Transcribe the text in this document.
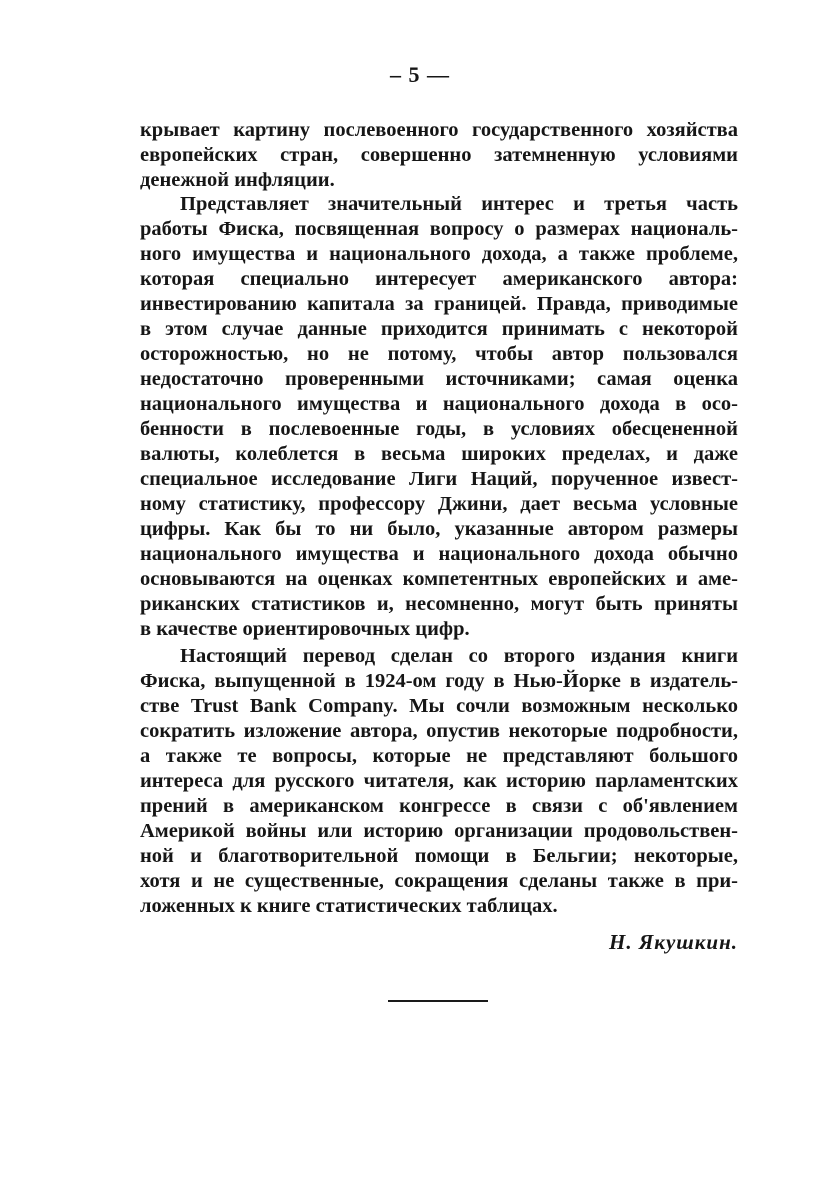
– 5 —
крывает картину послевоенного государственного хозяйства
европейских стран, совершенно затемненную условиями
денежной инфляции.
Представляет значительный интерес и третья часть
работы Фиска, посвященная вопросу о размерах националь-
ного имущества и национального дохода, а также проблеме,
которая специально интересует американского автора:
инвестированию капитала за границей. Правда, приводимые
в этом случае данные приходится принимать с некоторой
осторожностью, но не потому, чтобы автор пользовался
недостаточно проверенными источниками; самая оценка
национального имущества и национального дохода в осо-
бенности в послевоенные годы, в условиях обесцененной
валюты, колеблется в весьма широких пределах, и даже
специальное исследование Лиги Наций, порученное извест-
ному статистику, профессору Джини, дает весьма условные
цифры. Как бы то ни было, указанные автором размеры
национального имущества и национального дохода обычно
основываются на оценках компетентных европейских и аме-
риканских статистиков и, несомненно, могут быть приняты
в качестве ориентировочных цифр.
Настоящий перевод сделан со второго издания книги
Фиска, выпущенной в 1924-ом году в Нью-Йорке в издатель-
стве Trust Bank Company. Мы сочли возможным несколько
сократить изложение автора, опустив некоторые подробности,
а также те вопросы, которые не представляют большого
интереса для русского читателя, как историю парламентских
прений в американском конгрессе в связи с об'явлением
Америкой войны или историю организации продовольствен-
ной и благотворительной помощи в Бельгии; некоторые,
хотя и не существенные, сокращения сделаны также в при-
ложенных к книге статистических таблицах.
Н. Якушкин.
